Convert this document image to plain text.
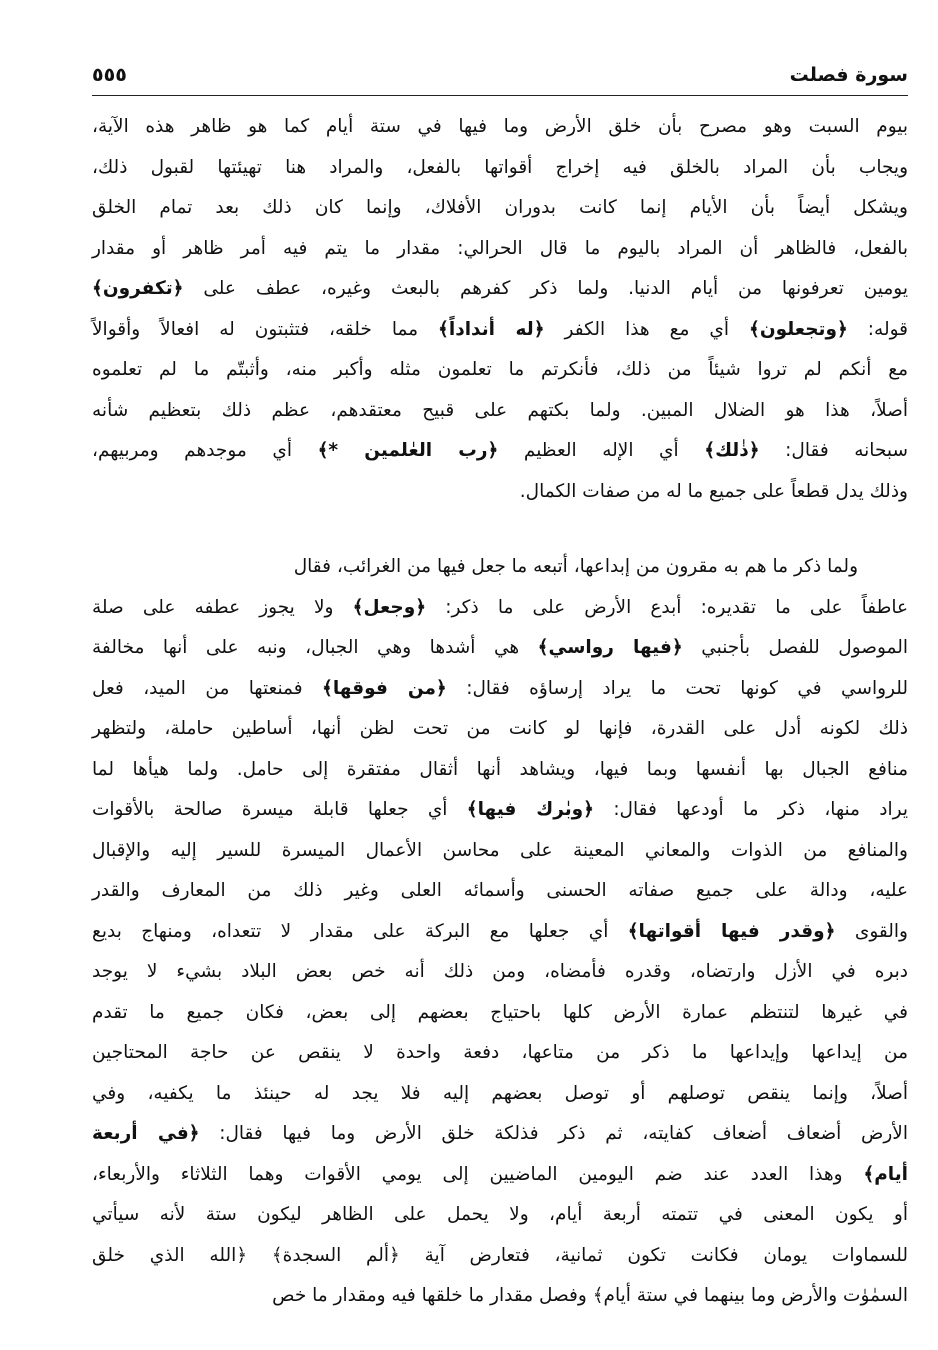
سورة فصلت
٥٥٥
بيوم السبت وهو مصرح بأن خلق الأرض وما فيها في ستة أيام كما هو ظاهر هذه الآية،
ويجاب بأن المراد بالخلق فيه إخراج أقواتها بالفعل، والمراد هنا تهيئتها لقبول ذلك،
ويشكل أيضاً بأن الأيام إنما كانت بدوران الأفلاك، وإنما كان ذلك بعد تمام الخلق
بالفعل، فالظاهر أن المراد باليوم ما قال الحرالي: مقدار ما يتم فيه أمر ظاهر أو مقدار
يومين تعرفونها من أيام الدنيا. ولما ذكر كفرهم بالبعث وغيره، عطف على ﴿تكفرون﴾
قوله: ﴿وتجعلون﴾ أي مع هذا الكفر ﴿له أنداداً﴾ مما خلقه، فتثبتون له افعالاً وأقوالاً
مع أنكم لم تروا شيئاً من ذلك، فأنكرتم ما تعلمون مثله وأكبر منه، وأثبتّم ما لم تعلموه
أصلاً، هذا هو الضلال المبين. ولما بكتهم على قبيح معتقدهم، عظم ذلك بتعظيم شأنه
سبحانه فقال: ﴿ذٰلك﴾ أي الإله العظيم ﴿رب العٰلمين *﴾ أي موجدهم ومربيهم،
وذلك يدل قطعاً على جميع ما له من صفات الكمال.
ولما ذكر ما هم به مقرون من إبداعها، أتبعه ما جعل فيها من الغرائب، فقال
عاطفاً على ما تقديره: أبدع الأرض على ما ذكر: ﴿وجعل﴾ ولا يجوز عطفه على صلة
الموصول للفصل بأجنبي ﴿فيها رواسي﴾ هي أشدها وهي الجبال، ونبه على أنها مخالفة
للرواسي في كونها تحت ما يراد إرساؤه فقال: ﴿من فوقها﴾ فمنعتها من الميد، فعل
ذلك لكونه أدل على القدرة، فإنها لو كانت من تحت لظن أنها، أساطين حاملة، ولتظهر
منافع الجبال بها أنفسها وبما فيها، ويشاهد أنها أثقال مفتقرة إلى حامل. ولما هيأها لما
يراد منها، ذكر ما أودعها فقال: ﴿وبٰرك فيها﴾ أي جعلها قابلة ميسرة صالحة بالأقوات
والمنافع من الذوات والمعاني المعينة على محاسن الأعمال الميسرة للسير إليه والإقبال
عليه، ودالة على جميع صفاته الحسنى وأسمائه العلى وغير ذلك من المعارف والقدر
والقوى ﴿وقدر فيها أقواتها﴾ أي جعلها مع البركة على مقدار لا تتعداه، ومنهاج بديع
دبره في الأزل وارتضاه، وقدره فأمضاه، ومن ذلك أنه خص بعض البلاد بشيء لا يوجد
في غيرها لتنتظم عمارة الأرض كلها باحتياج بعضهم إلى بعض، فكان جميع ما تقدم
من إيداعها وإيداعها ما ذكر من متاعها، دفعة واحدة لا ينقص عن حاجة المحتاجين
أصلاً، وإنما ينقص توصلهم أو توصل بعضهم إليه فلا يجد له حينئذ ما يكفيه، وفي
الأرض أضعاف أضعاف كفايته، ثم ذكر فذلكة خلق الأرض وما فيها فقال: ﴿في أربعة
أيام﴾ وهذا العدد عند ضم اليومين الماضيين إلى يومي الأقوات وهما الثلاثاء والأربعاء،
أو يكون المعنى في تتمته أربعة أيام، ولا يحمل على الظاهر ليكون ستة لأنه سيأتي
للسماوات يومان فكانت تكون ثمانية، فتعارض آية ﴿ألم السجدة﴾ ﴿الله الذي خلق
السمٰوٰت والأرض وما بينهما في ستة أيام﴾ وفصل مقدار ما خلقها فيه ومقدار ما خص
